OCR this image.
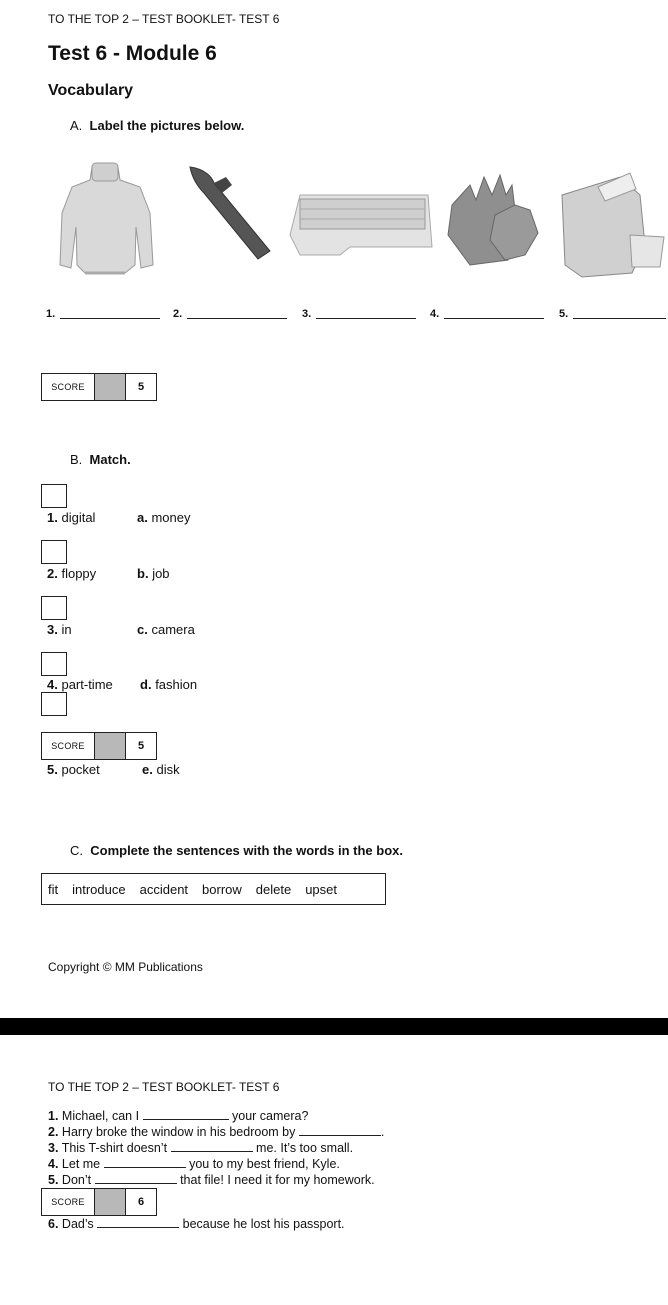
TO THE TOP 2 – TEST BOOKLET- TEST 6
Test 6 - Module 6
Vocabulary
A. Label the pictures below.
1.	2.	3.	4.	5.
SCORE	5
B. Match.
1. digital	a. money
2. floppy	b. job
3. in	c. camera
4. part-time d. fashion
SCORE	5
5. pocket	e. disk
C. Complete the sentences with the words in the box.
fit introduce accident borrow delete upset
Copyright © MM Publications
TO THE TOP 2 – TEST BOOKLET- TEST 6
1. Michael, can I	your camera?
2. Harry broke the window in his bedroom by	.
3. This T-shirt doesn’t	me. It’s too small.
4. Let me	you to my best friend, Kyle.
5. Don’t	that file! I need it for my homework.
SCORE	6
6. Dad’s	because he lost his passport.
